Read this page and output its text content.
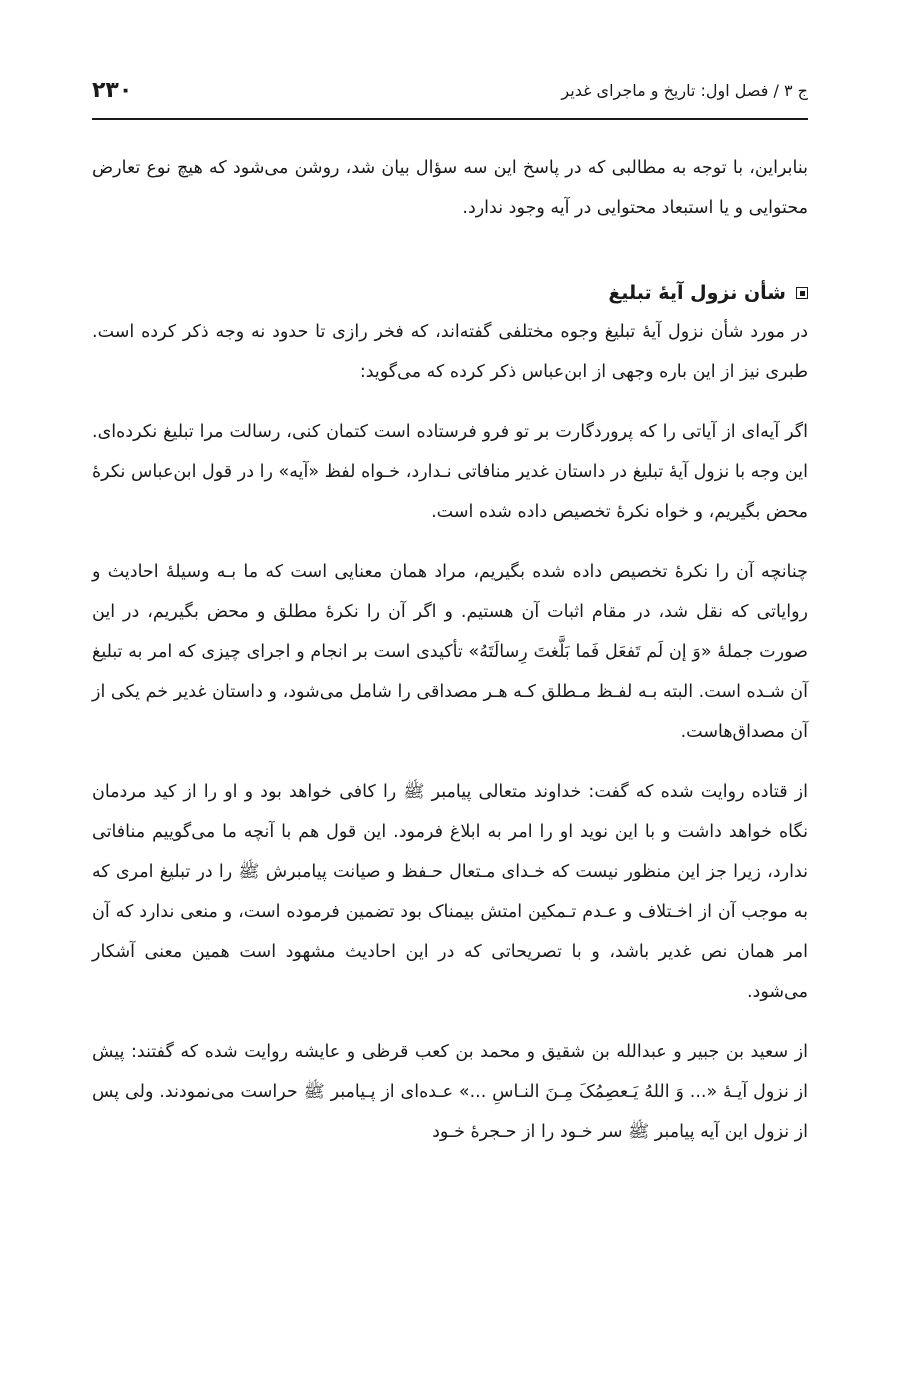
ج ۳ / فصل اول: تاریخ و ماجرای غدیر
۲۳۰

بنابراین، با توجه به مطالبی که در پاسخ این سه سؤال بیان شد، روشن می‌شود که هیچ نوع تعارض محتوایی و یا استبعاد محتوایی در آیه وجود ندارد.

شأن نزول آیهٔ تبلیغ

در مورد شأن نزول آیهٔ تبلیغ وجوه مختلفی گفته‌اند، که فخر رازی تا حدود نه وجه ذکر کرده است. طبری نیز از این باره وجهی از ابن‌عباس ذکر کرده که می‌گوید:

اگر آیه‌ای از آیاتی را که پروردگارت بر تو فرو فرستاده است کتمان کنی، رسالت مرا تبلیغ نکرده‌ای. این وجه با نزول آیهٔ تبلیغ در داستان غدیر منافاتی نـدارد، خـواه لفظ «آیه» را در قول ابن‌عباس نکرهٔ محض بگیریم، و خواه نکرهٔ تخصیص داده شده است.

چنانچه آن را نکرهٔ تخصیص داده شده بگیریم، مراد همان معنایی است که ما بـه وسیلهٔ احادیث و روایاتی که نقل شد، در مقام اثبات آن هستیم. و اگر آن را نکرهٔ مطلق و محض بگیریم، در این صورت جملهٔ «وَ إن لَم تَفعَل فَما بَلَّغتَ رِسالَتَهُ» تأکیدی است بر انجام و اجرای چیزی که امر به تبلیغ آن شـده است. البته بـه لفـظ مـطلق کـه هـر مصداقی را شامل می‌شود، و داستان غدیر خم یکی از آن مصداق‌هاست.

از قتاده روایت شده که گفت: خداوند متعالی پیامبر ﷺ را کافی خواهد بود و او را از کید مردمان نگاه خواهد داشت و با این نوید او را امر به ابلاغ فرمود. این قول هم با آنچه ما می‌گوییم منافاتی ندارد، زیرا جز این منظور نیست که خـدای مـتعال حـفظ و صیانت پیامبرش ﷺ را در تبلیغ امری که به موجب آن از اخـتلاف و عـدم تـمکین امتش بیمناک بود تضمین فرموده است، و منعی ندارد که آن امر همان نص غدیر باشد، و با تصریحاتی که در این احادیث مشهود است همین معنی آشکار می‌شود.

از سعید بن جبیر و عبدالله بن شقیق و محمد بن کعب قرظی و عایشه روایت شده که گفتند: پیش از نزول آیـهٔ «... وَ اللهُ يَـعصِمُکَ مِـنَ النـاسِ ...» عـده‌ای از پـیامبر ﷺ حراست می‌نمودند. ولی پس از نزول این آیه پیامبر ﷺ سر خـود را از حـجرهٔ خـود
